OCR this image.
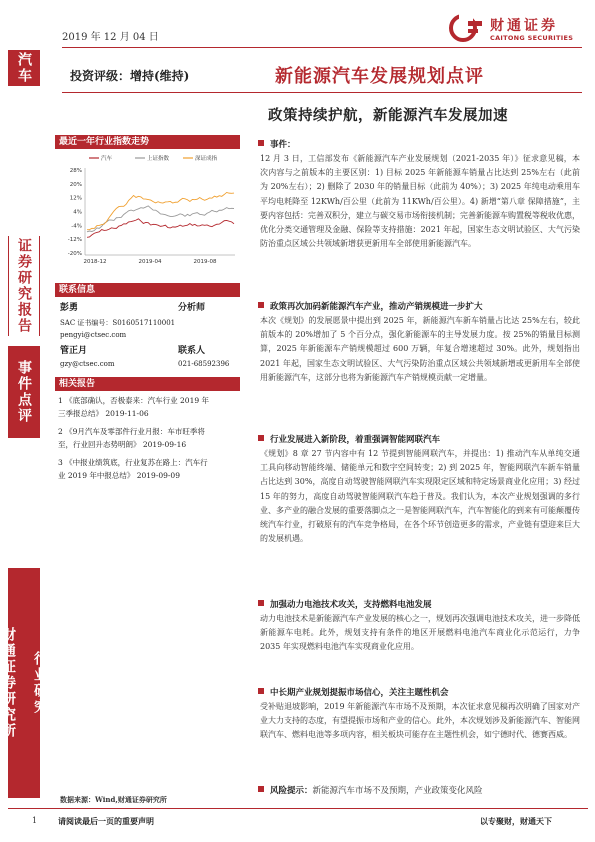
汽车
证券研究报告
事件点评
行业研究
财通证券研究所
2019 年 12 月 04 日
财通证券
CAITONG SECURITIES
投资评级：增持(维持)	新能源汽车发展规划点评
政策持续护航，新能源汽车发展加速
最近一年行业指数走势
汽车	上证指数	深证成指
28%
20%
12%
4%
-4%
-12%
-20%
2018-12	2019-04	2019-08
联系信息
彭勇	分析师
SAC 证书编号：S0160517110001
pengyi@ctsec.com
管正月	联系人
gzy@ctsec.com	021-68592396
相关报告
1 《底部确认，否极泰来：汽车行业 2019 年
三季报总结》 2019-11-06
2 《9月汽车及零部件行业月报：车市旺季将
至，行业回升态势明朗》 2019-09-16
3 《中报业绩筑底，行业复苏在路上：汽车行
业 2019 年中报总结》 2019-09-09
数据来源：Wind,财通证券研究所
事件：
12 月 3 日，工信部发布《新能源汽车产业发展规划（2021-2035 年）》征求意见稿，本次内容与之前版本的主要区别：1) 目标 2025 年新能源车销量占比达到 25%左右（此前为 20%左右）；2) 删除了 2030 年的销量目标（此前为 40%）；3) 2025 年纯电动乘用车平均电耗降至 12KWh/百公里（此前为 11KWh/百公里）。4) 新增“第八章 保障措施”，主要内容包括：完善双积分，建立与碳交易市场衔接机制；完善新能源车购置税等税收优惠，优化分类交通管理及金融、保险等支持措施：2021 年起，国家生态文明试验区、大气污染防治重点区域公共领域新增获更新用车全部使用新能源汽车。
政策再次加码新能源汽车产业，推动产销规模进一步扩大
本次《规划》的发展愿景中提出到 2025 年，新能源汽车新车销量占比达 25%左右，较此前版本的 20%增加了 5 个百分点，强化新能源车的主导发展力度。按 25%的销量目标测算，2025 年新能源车产销规模超过 600 万辆，年复合增速超过 30%。此外，规划指出 2021 年起，国家生态文明试验区、大气污染防治重点区域公共领域新增或更新用车全部使用新能源汽车，这部分也将为新能源汽车产销规模贡献一定增量。
行业发展进入新阶段，着重强调智能网联汽车
《规划》8 章 27 节内容中有 12 节提到智能网联汽车，并提出：1) 推动汽车从单纯交通工具向移动智能终端、储能单元和数字空间转变；2) 到 2025 年，智能网联汽车新车销量占比达到 30%，高度自动驾驶智能网联汽车实现限定区域和特定场景商业化应用；3) 经过 15 年的努力，高度自动驾驶智能网联汽车趋于普及。我们认为，本次产业规划强调的多行业、多产业的融合发展的重要落脚点之一是智能网联汽车，汽车智能化的到来有可能颠覆传统汽车行业，打破原有的汽车竞争格局，在各个环节创造更多的需求，产业链有望迎来巨大的发展机遇。
加强动力电池技术攻关，支持燃料电池发展
动力电池技术是新能源汽车产业发展的核心之一，规划再次强调电池技术攻关，进一步降低新能源车电耗。此外，规划支持有条件的地区开展燃料电池汽车商业化示范运行，力争 2035 年实现燃料电池汽车实现商业化应用。
中长期产业规划提振市场信心，关注主题性机会
受补贴退坡影响，2019 年新能源汽车市场不及预期，本次征求意见稿再次明确了国家对产业大力支持的态度，有望提振市场和产业的信心。此外，本次规划涉及新能源汽车、智能网联汽车、燃料电池等多项内容，相关板块可能存在主题性机会，如宁德时代、德赛西威。
风险提示：新能源汽车市场不及预期，产业政策变化风险
1	请阅读最后一页的重要声明	以专聚财，财通天下
